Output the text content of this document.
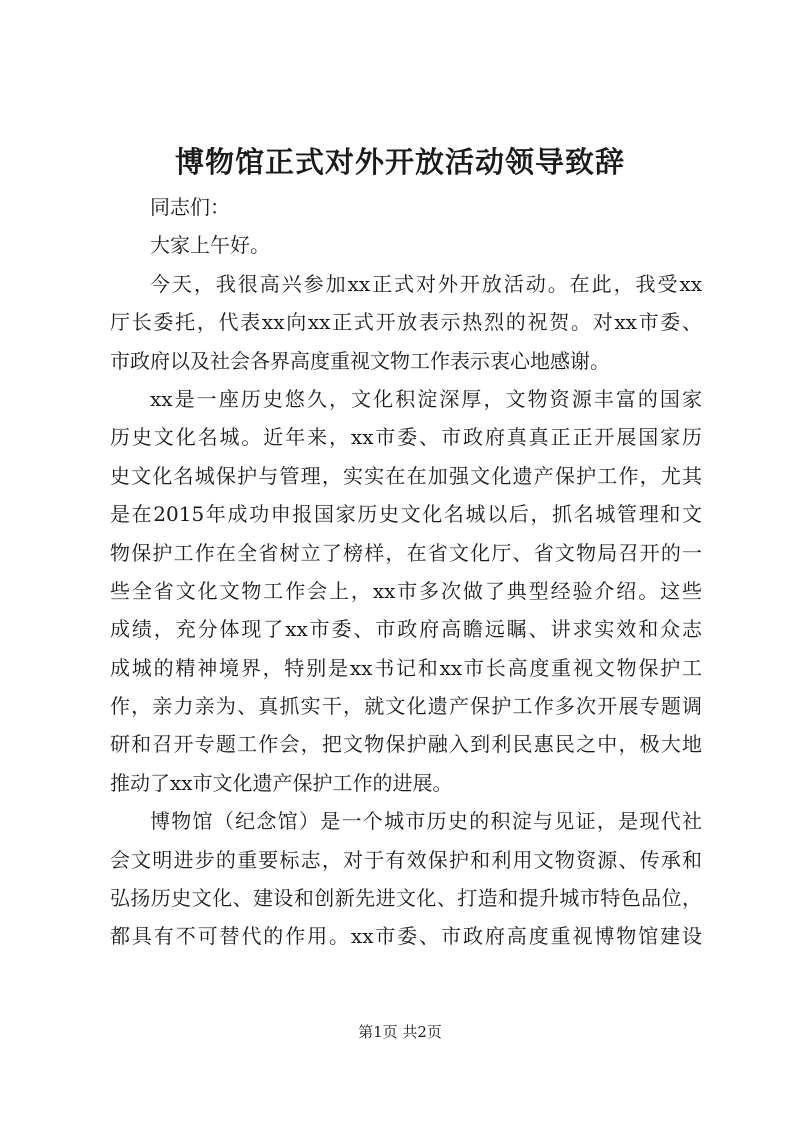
博物馆正式对外开放活动领导致辞
同志们：
大家上午好。
今天，我很高兴参加xx正式对外开放活动。在此，我受xx
厅长委托，代表xx向xx正式开放表示热烈的祝贺。对xx市委、
市政府以及社会各界高度重视文物工作表示衷心地感谢。
xx是一座历史悠久，文化积淀深厚，文物资源丰富的国家
历史文化名城。近年来，xx市委、市政府真真正正开展国家历
史文化名城保护与管理，实实在在加强文化遗产保护工作，尤其
是在2015年成功申报国家历史文化名城以后，抓名城管理和文
物保护工作在全省树立了榜样，在省文化厅、省文物局召开的一
些全省文化文物工作会上，xx市多次做了典型经验介绍。这些
成绩，充分体现了xx市委、市政府高瞻远瞩、讲求实效和众志
成城的精神境界，特别是xx书记和xx市长高度重视文物保护工
作，亲力亲为、真抓实干，就文化遗产保护工作多次开展专题调
研和召开专题工作会，把文物保护融入到利民惠民之中，极大地
推动了xx市文化遗产保护工作的进展。
博物馆（纪念馆）是一个城市历史的积淀与见证，是现代社
会文明进步的重要标志，对于有效保护和利用文物资源、传承和
弘扬历史文化、建设和创新先进文化、打造和提升城市特色品位，
都具有不可替代的作用。xx市委、市政府高度重视博物馆建设
第1页 共2页
